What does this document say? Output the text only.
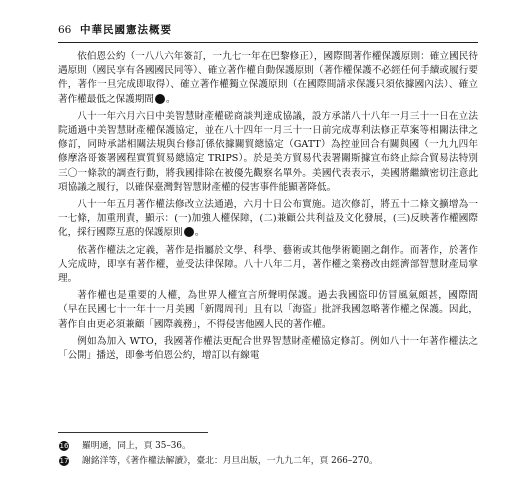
66 中華民國憲法概要

依伯恩公約（一八八六年簽訂，一九七一年在巴黎修正），國際間著作權保護原則：確立國民待遇原則（國民享有各國國民同等）、確立著作權自動保護原則（著作權保護不必經任何手續或履行要件，著作一旦完成即取得）、確立著作權獨立保護原則（在國際間請求保護只須依據國內法）、確立著作權最低之保護期間	16。

八十一年六月六日中美智慧財產權磋商談判達成協議，設方承諾八十八年一月三十一日在立法院通過中美智慧財產權保護協定，並在八十四年一月三十一日前完成專利法修正草案等相關法律之修訂，同時承諾相關法規與台修訂係依據關貿總協定（GATT）為控並回合有關與國（一九九四年修摩洛哥簽署國程實質貿易總協定 TRIPS）。於是美方貿易代表署關斯據宣布終止綜合貿易法特別三〇一條款的調查行動，將我國排除在被優先觀察名單外。美國代表表示，美國將繼續密切注意此項協議之履行，以確保臺灣對智慧財產權的侵害事件能顯著降低。

八十一年五月著作權法修改立法通過，六月十日公布實施。這次修訂，將五十二條文擴增為一一七條，加重刑責，顯示：(一)加強人權保障，(二)兼顧公共利益及文化發展，(三)反映著作權國際化，採行國際互惠的保護原則	17。

依著作權法之定義，著作是指屬於文學、科學、藝術或其他學術範圍之創作。而著作，於著作人完成時，即享有著作權，並受法律保障。八十八年二月，著作權之業務改由經濟部智慧財產局掌理。

著作權也是重要的人權，為世界人權宣言所聲明保護。過去我國盜印仿冒風氣頗甚，國際間（早在民國七十一年十一月美國「新聞周刊」且有以「海盜」批評我國忽略著作權之保護。因此，著作自由更必須兼顧「國際義務」，不得侵害他國人民的著作權。

例如為加入 WTO，我國著作權法更配合世界智慧財產權協定修訂。例如八十一年著作權法之「公開」播送，即參考伯恩公約，增訂以有線電

16 羅明通，同上，頁 35–36。
17 謝銘洋等，《著作權法解讀》，臺北：月旦出版，一九九二年，頁 266–270。
